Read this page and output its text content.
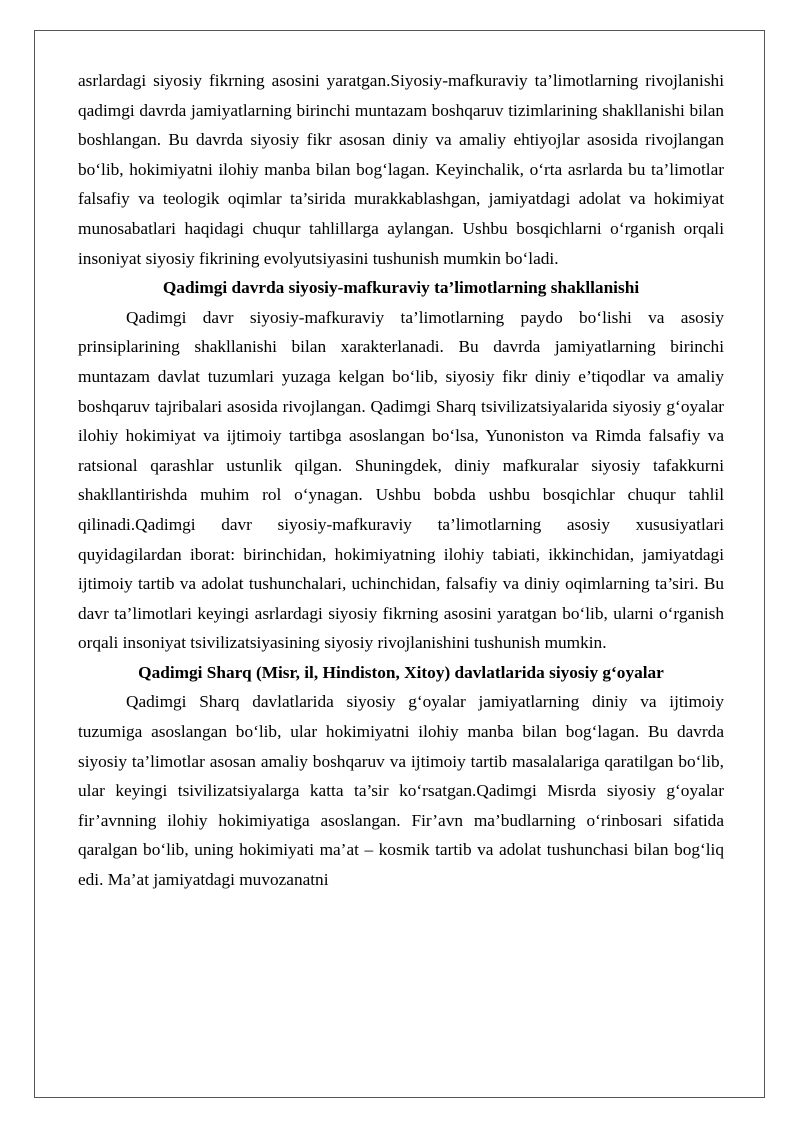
asrlardagi siyosiy fikrning asosini yaratgan.Siyosiy-mafkuraviy ta’limotlarning rivojlanishi qadimgi davrda jamiyatlarning birinchi muntazam boshqaruv tizimlarining shakllanishi bilan boshlangan. Bu davrda siyosiy fikr asosan diniy va amaliy ehtiyojlar asosida rivojlangan bo‘lib, hokimiyatni ilohiy manba bilan bog‘lagan. Keyinchalik, o‘rta asrlarda bu ta’limotlar falsafiy va teologik oqimlar ta’sirida murakkablashgan, jamiyatdagi adolat va hokimiyat munosabatlari haqidagi chuqur tahlillarga aylangan. Ushbu bosqichlarni o‘rganish orqali insoniyat siyosiy fikrining evolyutsiyasini tushunish mumkin bo‘ladi.

Qadimgi davrda siyosiy-mafkuraviy ta’limotlarning shakllanishi

Qadimgi davr siyosiy-mafkuraviy ta’limotlarning paydo bo‘lishi va asosiy prinsiplarining shakllanishi bilan xarakterlanadi. Bu davrda jamiyatlarning birinchi muntazam davlat tuzumlari yuzaga kelgan bo‘lib, siyosiy fikr diniy e’tiqodlar va amaliy boshqaruv tajribalari asosida rivojlangan. Qadimgi Sharq tsivilizatsiyalarida siyosiy g‘oyalar ilohiy hokimiyat va ijtimoiy tartibga asoslangan bo‘lsa, Yunoniston va Rimda falsafiy va ratsional qarashlar ustunlik qilgan. Shuningdek, diniy mafkuralar siyosiy tafakkurni shakllantirishda muhim rol o‘ynagan. Ushbu bobda ushbu bosqichlar chuqur tahlil qilinadi.Qadimgi davr siyosiy-mafkuraviy ta’limotlarning asosiy xususiyatlari quyidagilardan iborat: birinchidan, hokimiyatning ilohiy tabiati, ikkinchidan, jamiyatdagi ijtimoiy tartib va adolat tushunchalari, uchinchidan, falsafiy va diniy oqimlarning ta’siri. Bu davr ta’limotlari keyingi asrlardagi siyosiy fikrning asosini yaratgan bo‘lib, ularni o‘rganish orqali insoniyat tsivilizatsiyasining siyosiy rivojlanishini tushunish mumkin.

Qadimgi Sharq (Misr, il, Hindiston, Xitoy) davlatlarida siyosiy g‘oyalar

Qadimgi Sharq davlatlarida siyosiy g‘oyalar jamiyatlarning diniy va ijtimoiy tuzumiga asoslangan bo‘lib, ular hokimiyatni ilohiy manba bilan bog‘lagan. Bu davrda siyosiy ta’limotlar asosan amaliy boshqaruv va ijtimoiy tartib masalalariga qaratilgan bo‘lib, ular keyingi tsivilizatsiyalarga katta ta’sir ko‘rsatgan.Qadimgi Misrda siyosiy g‘oyalar fir’avnning ilohiy hokimiyatiga asoslangan. Fir’avn ma’budlarning o‘rinbosari sifatida qaralgan bo‘lib, uning hokimiyati ma’at – kosmik tartib va adolat tushunchasi bilan bog‘liq edi. Ma’at jamiyatdagi muvozanatni
